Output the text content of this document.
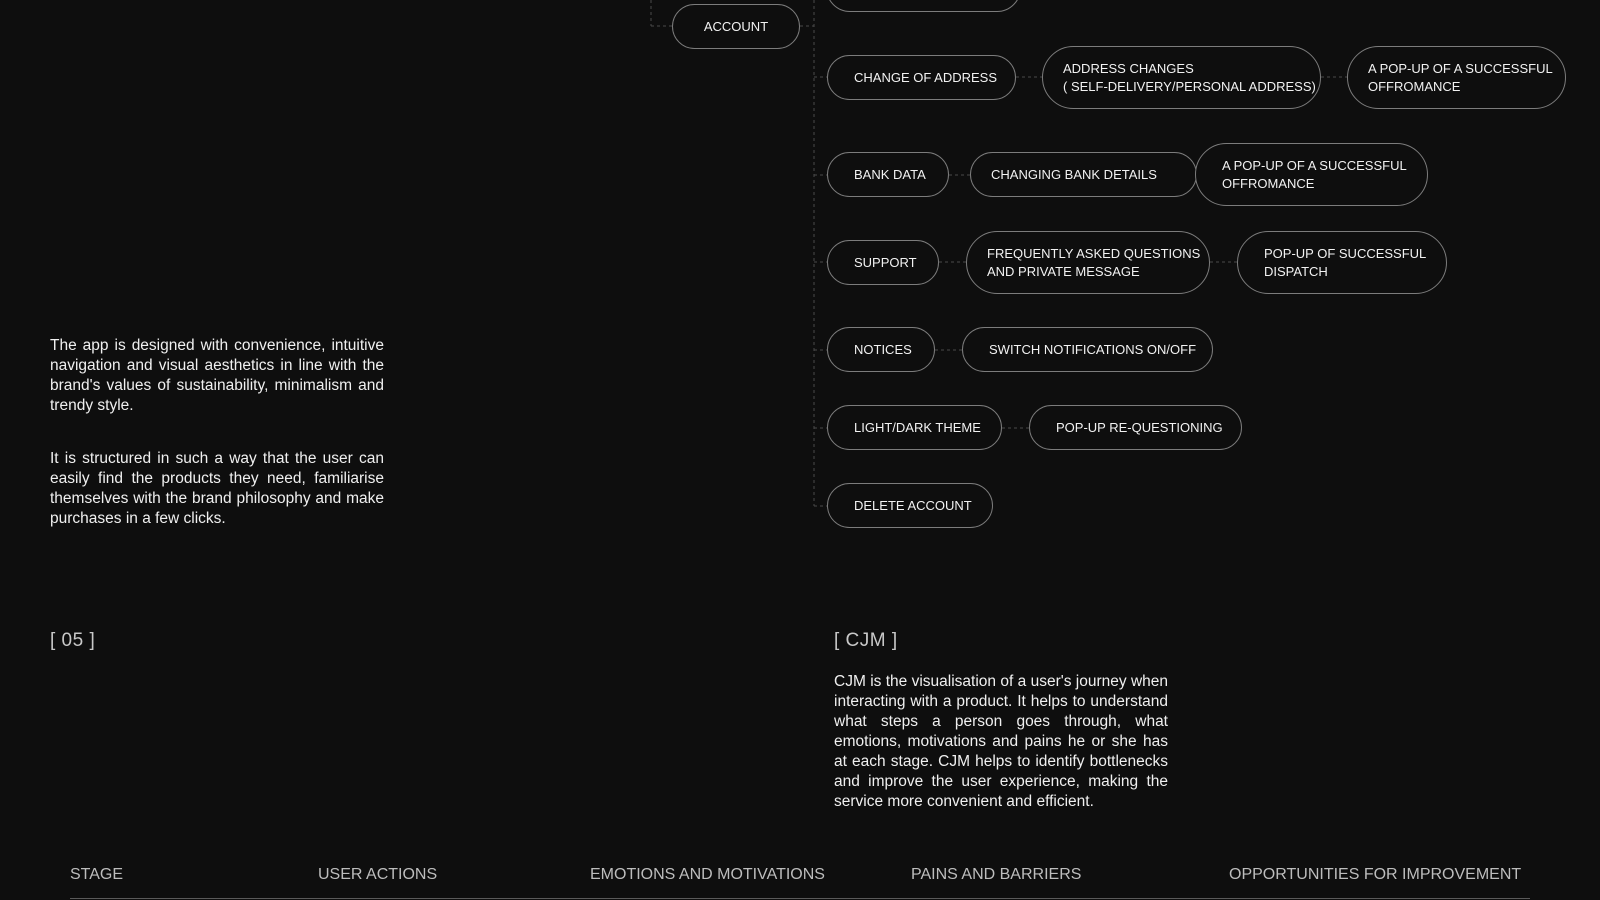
ACCOUNT
CHANGE OF ADDRESS
ADDRESS CHANGES
( SELF-DELIVERY/PERSONAL ADDRESS)
A POP-UP OF A SUCCESSFUL
OFFROMANCE
BANK DATA	CHANGING BANK DETAILS
A POP-UP OF A SUCCESSFUL
OFFROMANCE
SUPPORT
FREQUENTLY ASKED QUESTIONS
AND PRIVATE MESSAGE
POP-UP OF SUCCESSFUL
DISPATCH
NOTICES	SWITCH NOTIFICATIONS ON/OFF
LIGHT/DARK THEME	POP-UP RE-QUESTIONING
DELETE ACCOUNT

The app is designed with convenience, intuitive navigation and visual aesthetics in line with the brand's values of sustainability, minimalism and trendy style.

It is structured in such a way that the user can easily find the products they need, familiarise themselves with the brand philosophy and make purchases in a few clicks.

[ 05 ]	[ CJM ]

CJM is the visualisation of a user's journey when interacting with a product. It helps to understand what steps a person goes through, what emotions, motivations and pains he or she has at each stage. CJM helps to identify bottlenecks and improve the user experience, making the service more convenient and efficient.

STAGE	USER ACTIONS	EMOTIONS AND MOTIVATIONS	PAINS AND BARRIERS	OPPORTUNITIES FOR IMPROVEMENT
